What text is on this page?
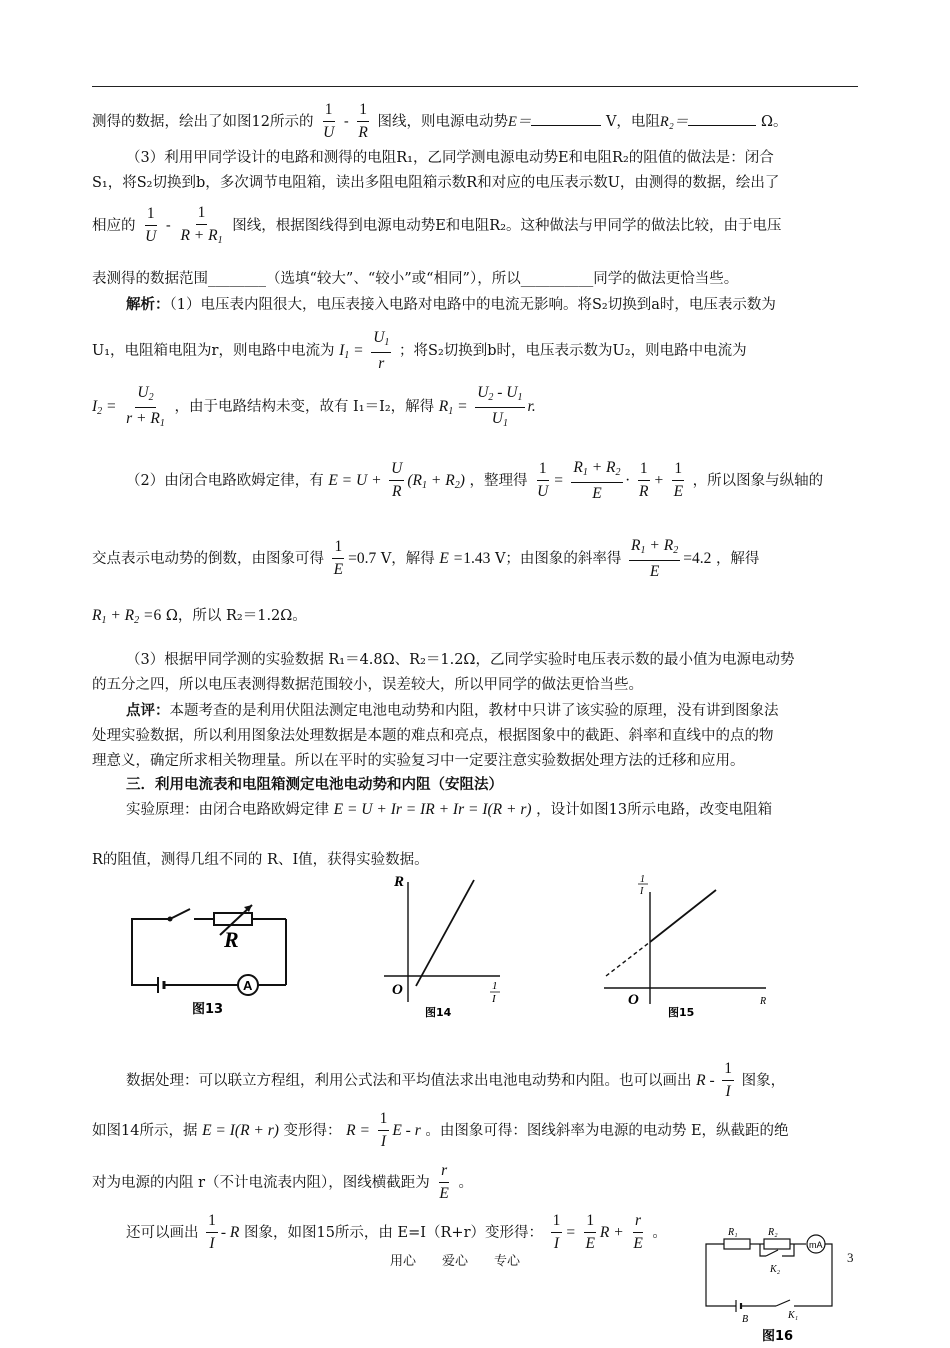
测得的数据，绘出了如图12所示的 $\frac{1}{U} - \frac{1}{R}$ 图线，则电源电动势E＝	V，电阻R₂＝	Ω。
（3）利用甲同学设计的电路和测得的电阻R₁，乙同学测电源电动势E和电阻R₂的阻值的做法是：闭合
S₁，将S₂切换到b，多次调节电阻箱，读出多阻电阻箱示数R和对应的电压表示数U，由测得的数据，绘出了
相应的 $\frac{1}{U} - \frac{1}{R + R_1}$ 图线，根据图线得到电源电动势E和电阻R₂。这种做法与甲同学的做法比较，由于电压
表测得的数据范围________（选填“较大”、“较小”或“相同”），所以__________同学的做法更恰当些。
解析：（1）电压表内阻很大，电压表接入电路对电路中的电流无影响。将S₂切换到a时，电压表示数为
U₁，电阻箱电阻为r，则电路中电流为 $I_1 = \frac{U_1}{r}$ ；将S₂切换到b时，电压表示数为U₂，则电路中电流为
$I_2 = \frac{U_2}{r + R_1}$ ，由于电路结构未变，故有 I₁＝I₂，解得 $R_1 = \frac{U_2 - U_1}{U_1} r$.
（2）由闭合电路欧姆定律，有 $E = U + \frac{U}{R} (R_1 + R_2)$ ，整理得 $\frac{1}{U} = \frac{R_1 + R_2}{E} \cdot \frac{1}{R} + \frac{1}{E}$ ，所以图象与纵轴的
交点表示电动势的倒数，由图象可得 $\frac{1}{E} =0.7$ V，解得 E =1.43 V；由图象的斜率得 $\frac{R_1 + R_2}{E} =4.2$ ，解得
$R_1 + R_2 =6$ Ω，所以 R₂＝1.2Ω。
（3）根据甲同学测的实验数据 R₁＝4.8Ω、R₂＝1.2Ω，乙同学实验时电压表示数的最小值为电源电动势
的五分之四，所以电压表测得数据范围较小，误差较大，所以甲同学的做法更恰当些。
点评：本题考查的是利用伏阻法测定电池电动势和内阻，教材中只讲了该实验的原理，没有讲到图象法
处理实验数据，所以利用图象法处理数据是本题的难点和亮点，根据图象中的截距、斜率和直线中的点的物
理意义，确定所求相关物理量。所以在平时的实验复习中一定要注意实验数据处理方法的迁移和应用。
三．利用电流表和电阻箱测定电池电动势和内阻（安阻法）
实验原理：由闭合电路欧姆定律 E = U + Ir = IR + Ir = I(R + r) ，设计如图13所示电路，改变电阻箱
R的阻值，测得几组不同的 R、I值，获得实验数据。
R
A
图13
R
O	1
I
图14
1
I
O	R
图15
数据处理：可以联立方程组，利用公式法和平均值法求出电池电动势和内阻。也可以画出 R - $\frac{1}{I}$ 图象，
如图14所示，据 E = I(R + r) 变形得： $R = \frac{1}{I}$ E - r 。由图象可得：图线斜率为电源的电动势 E，纵截距的绝
对为电源的内阻 r（不计电流表内阻），图线横截距为 $\frac{r}{E}$ 。
还可以画出 $\frac{1}{I}$ - R 图象，如图15所示，由 E=I（R+r）变形得： $\frac{1}{I} = \frac{1}{E}$ $R + \frac{r}{E}$ 。	R₁	R₂
mA
K₂
B	K₁
图16
用心　　爱心　　专心	3
